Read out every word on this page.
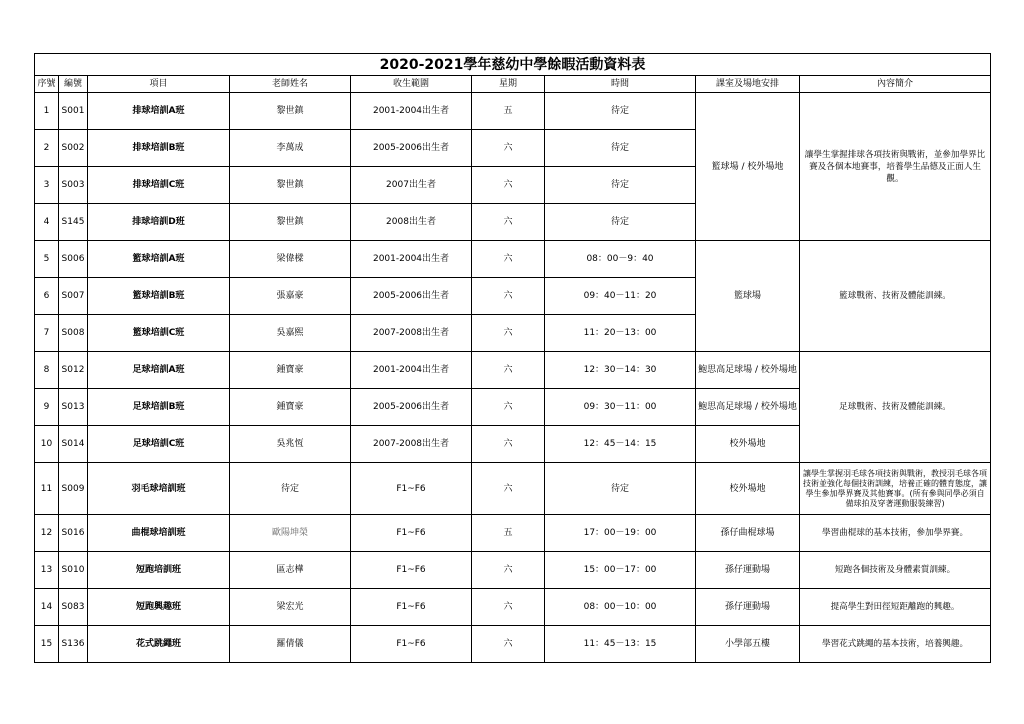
2020-2021學年慈幼中學餘暇活動資料表								
序號	編號	項目	老師姓名	收生範圍	星期	時間	課室及場地安排	內容簡介
1	S001	排球培訓A班	黎世鎮	2001-2004出生者	五	待定	籃球場 / 校外場地	讓學生掌握排球各項技術與戰術，並參加學界比賽及各個本地賽事，培養學生品德及正面人生觀。
2	S002	排球培訓B班	李萬成	2005-2006出生者	六	待定		
3	S003	排球培訓C班	黎世鎮	2007出生者	六	待定		
4	S145	排球培訓D班	黎世鎮	2008出生者	六	待定		
5	S006	籃球培訓A班	梁偉樑	2001-2004出生者	六	08：00－9：40	籃球場	籃球戰術、技術及體能訓練。
6	S007	籃球培訓B班	張嘉豪	2005-2006出生者	六	09：40－11：20		
7	S008	籃球培訓C班	吳嘉熙	2007-2008出生者	六	11：20－13：00		
8	S012	足球培訓A班	鍾寶豪	2001-2004出生者	六	12：30－14：30	鮑思高足球場 / 校外場地	足球戰術、技術及體能訓練。
9	S013	足球培訓B班	鍾寶豪	2005-2006出生者	六	09：30－11：00	鮑思高足球場 / 校外場地	
10	S014	足球培訓C班	吳兆恆	2007-2008出生者	六	12：45－14：15	校外場地	
11	S009	羽毛球培訓班	待定	F1~F6	六	待定	校外場地	讓學生掌握羽毛球各項技術與戰術，教授羽毛球各項技術並強化每個技術訓練，培養正確的體育態度，讓學生參加學界賽及其他賽事。(所有參與同學必須自備球拍及穿著運動服裝練習)
12	S016	曲棍球培訓班	歐陽坤榮	F1~F6	五	17：00－19：00	孫仔曲棍球場	學習曲棍球的基本技術，參加學界賽。
13	S010	短跑培訓班	區志樺	F1~F6	六	15：00－17：00	孫仔運動場	短跑各個技術及身體素質訓練。
14	S083	短跑興趣班	梁宏光	F1~F6	六	08：00－10：00	孫仔運動場	提高學生對田徑短距離跑的興趣。
15	S136	花式跳繩班	羅倩儀	F1~F6	六	11：45－13：15	小學部五樓	學習花式跳繩的基本技術，培養興趣。
